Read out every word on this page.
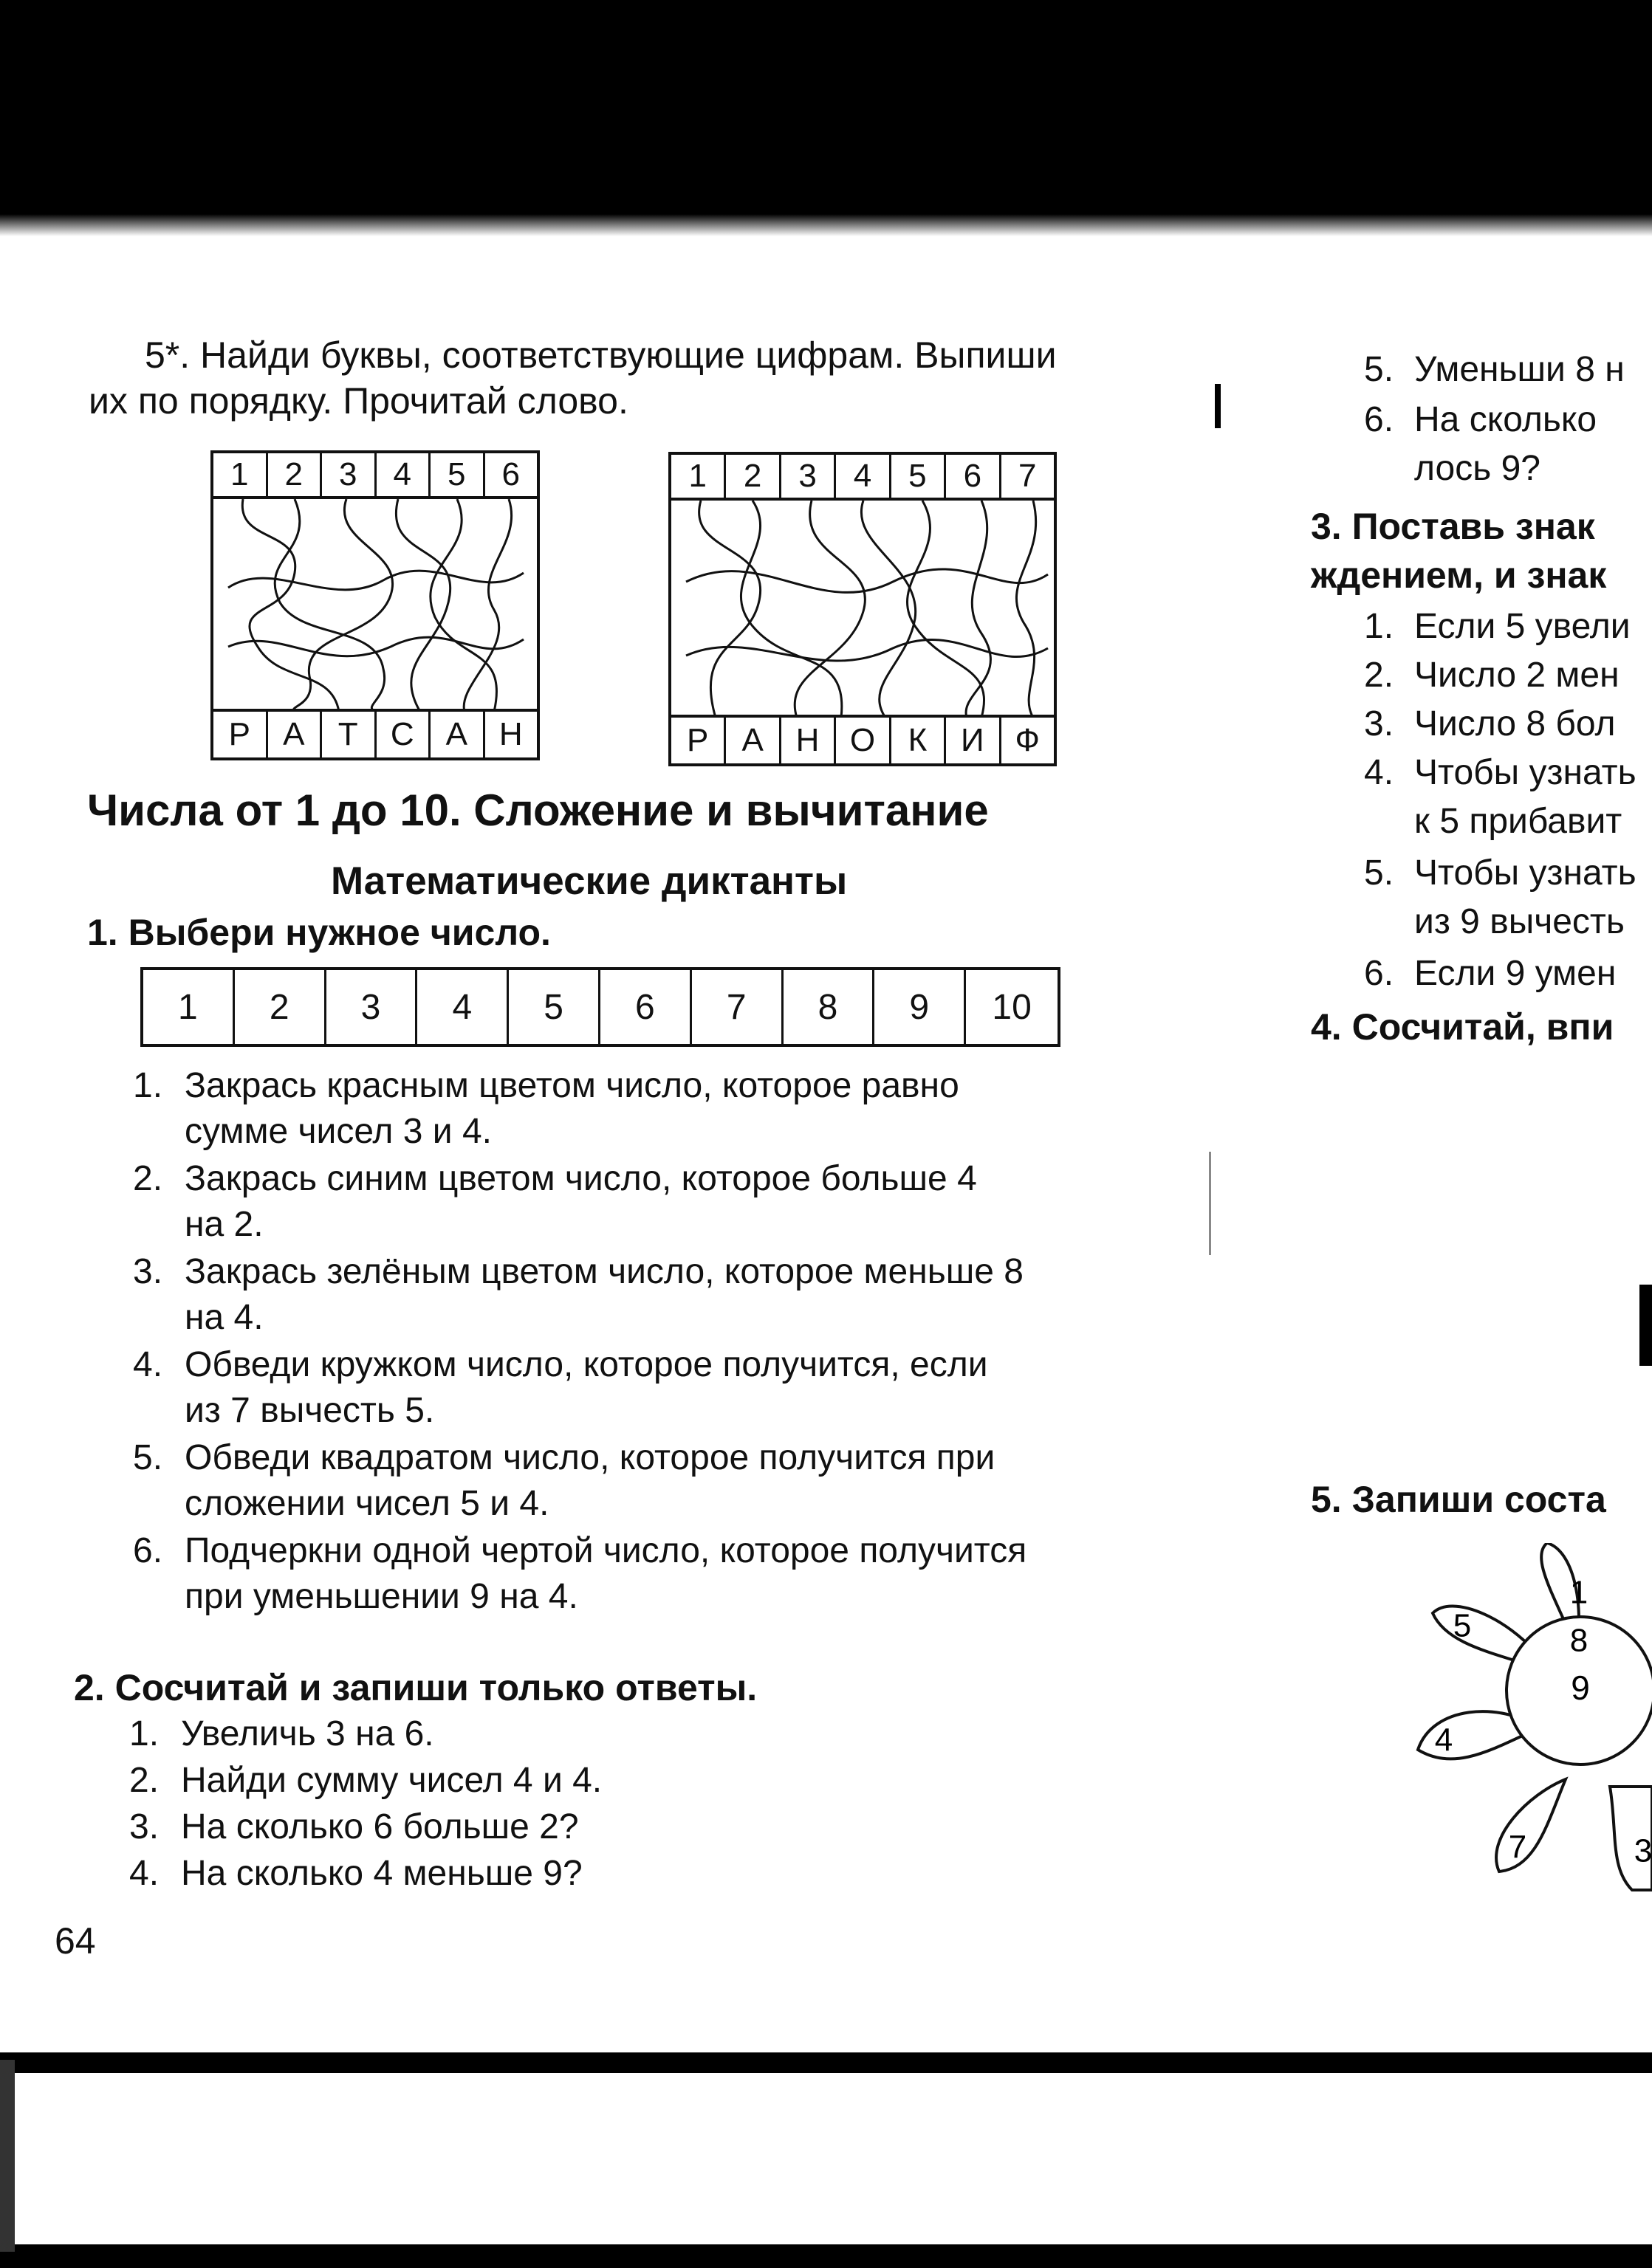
5*. Найди буквы, соответствующие цифрам. Выпиши
их по порядку. Прочитай слово.
1	2	3	4	5	6
Р	А	Т	С А Н
1	2	3	4	5	6	7
Р	А Н О	К	И Ф
Числа от 1 до 10. Сложение и вычитание
Математические диктанты
1. Выбери нужное число.
1	2	3	4	5	6	7	8	9	10
1. Закрась красным цветом число, которое равно
сумме чисел 3 и 4.
2. Закрась синим цветом число, которое больше 4
на 2.
3. Закрась зелёным цветом число, которое меньше 8
на 4.
4. Обведи кружком число, которое получится, если
из 7 вычесть 5.
5. Обведи квадратом число, которое получится при
сложении чисел 5 и 4.
6. Подчеркни одной чертой число, которое получится
при уменьшении 9 на 4.
2. Сосчитай и запиши только ответы.
1. Увеличь 3 на 6.
2. Найди сумму чисел 4 и 4.
3. На сколько 6 больше 2?
4. На сколько 4 меньше 9?
64
5. Уменьши 8 н
6. На сколько
лось 9?
3. Поставь знак
ждением, и знак
1. Если 5 увели
2. Число 2 мен
3. Число 8 бол
4. Чтобы узнать
к 5 прибавит
5. Чтобы узнать
из 9 вычесть
6. Если 9 умен
4. Сосчитай, впи
5. Запиши соста
9
1
8
5
4
7	3
